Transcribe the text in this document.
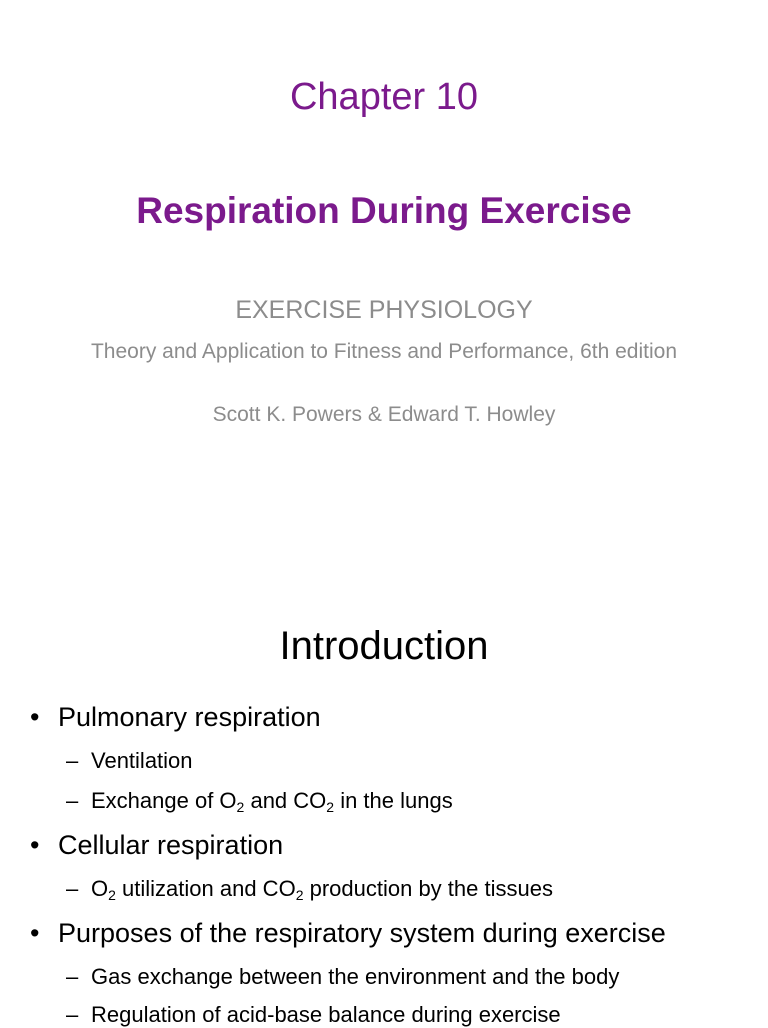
Chapter 10
Respiration During Exercise
EXERCISE PHYSIOLOGY
Theory and Application to Fitness and Performance, 6th edition
Scott K. Powers & Edward T. Howley
Introduction
• Pulmonary respiration
– Ventilation
– Exchange of $O_2$ and $CO_2$ in the lungs
• Cellular respiration
– $O_2$ utilization and $CO_2$ production by the tissues
• Purposes of the respiratory system during exercise
– Gas exchange between the environment and the body
– Regulation of acid-base balance during exercise
